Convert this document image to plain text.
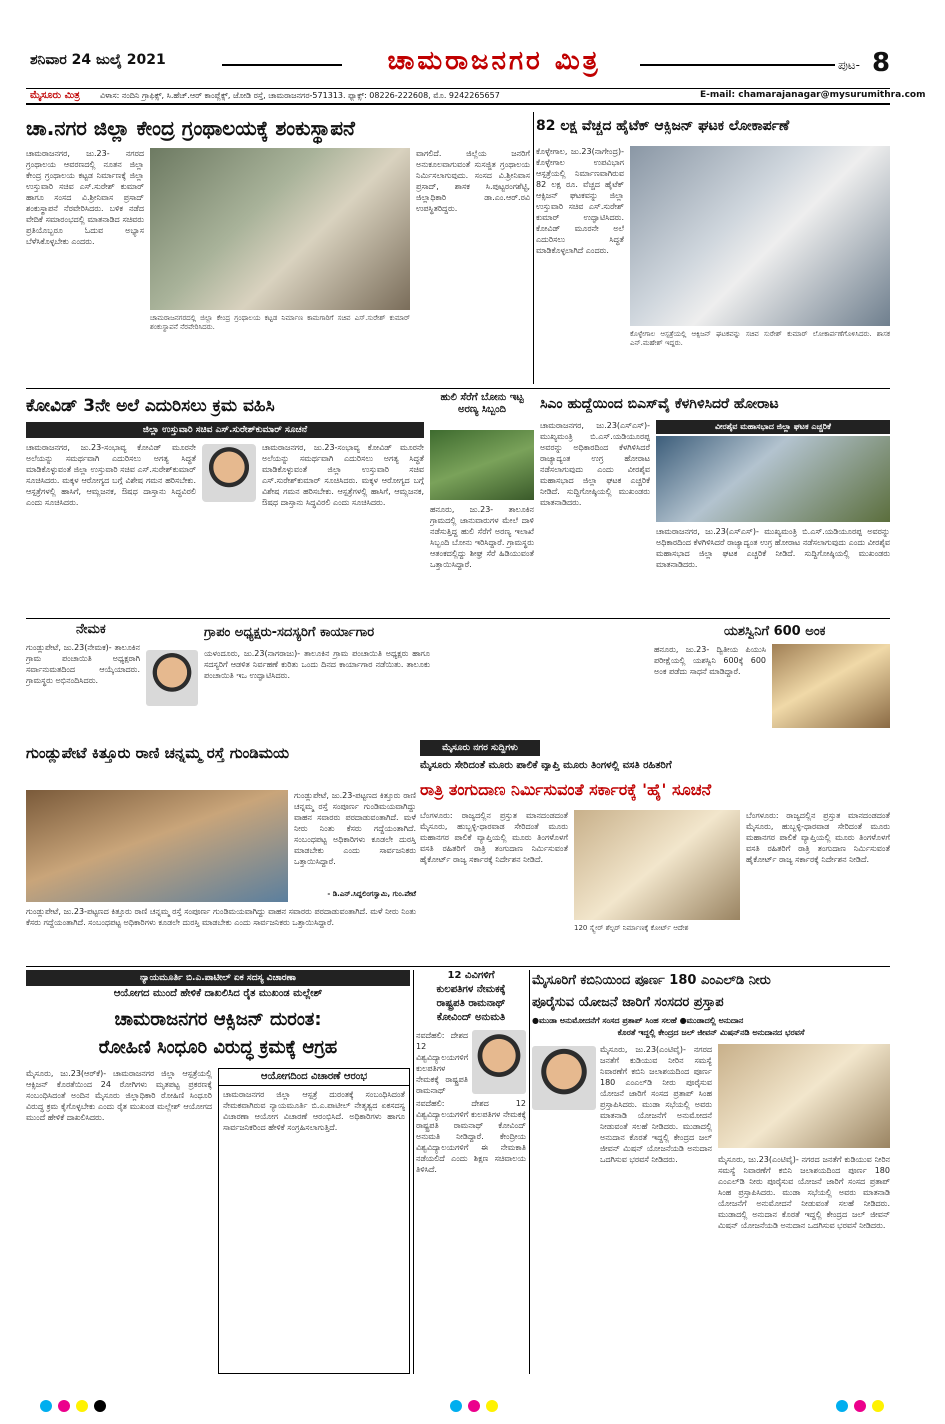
ಶನಿವಾರ 24 ಜುಲೈ 2021	ಚಾಮರಾಜನಗರ ಮಿತ್ರ	ಪುಟ- 8
ಮೈಸೂರು ಮಿತ್ರ	ವಿಳಾಸ: ನಂದಿನಿ ಗ್ರಾಫಿಕ್ಸ್, ಸಿ.ಹೆಚ್.ಆರ್ ಕಾಂಪ್ಲೆಕ್ಸ್, ಜೋಡಿ ರಸ್ತೆ, ಚಾಮರಾಜನಗರ-571313. ಫ್ಯಾಕ್ಸ್: 08226-222608, ಮೊ. 9242265657	E-mail: chamarajanagar@mysurumithra.com
ಚಾ.ನಗರ ಜಿಲ್ಲಾ ಕೇಂದ್ರ ಗ್ರಂಥಾಲಯಕ್ಕೆ ಶಂಕುಸ್ಥಾಪನೆ
ಚಾಮರಾಜನಗರ, ಜು.23- ನಗರದ ಗ್ರಂಥಾಲಯ ಆವರಣದಲ್ಲಿ ನೂತನ ಜಿಲ್ಲಾ ಕೇಂದ್ರ ಗ್ರಂಥಾಲಯ ಕಟ್ಟಡ ನಿರ್ಮಾಣಕ್ಕೆ ಜಿಲ್ಲಾ ಉಸ್ತುವಾರಿ ಸಚಿವ ಎಸ್.ಸುರೇಶ್ ಕುಮಾರ್ ಹಾಗೂ ಸಂಸದ ವಿ.ಶ್ರೀನಿವಾಸ ಪ್ರಸಾದ್ ಶಂಕುಸ್ಥಾಪನೆ ನೆರವೇರಿಸಿದರು. ಬಳಿಕ ನಡೆದ ವೇದಿಕೆ ಸಮಾರಂಭದಲ್ಲಿ ಮಾತನಾಡಿದ ಸಚಿವರು ಪ್ರತಿಯೊಬ್ಬರೂ ಓದುವ ಅಭ್ಯಾಸ ಬೆಳೆಸಿಕೊಳ್ಳಬೇಕು ಎಂದರು.
ಚಾಮರಾಜನಗರದಲ್ಲಿ ಜಿಲ್ಲಾ ಕೇಂದ್ರ ಗ್ರಂಥಾಲಯ ಕಟ್ಟಡ ನಿರ್ಮಾಣ ಕಾಮಗಾರಿಗೆ ಸಚಿವ ಎಸ್.ಸುರೇಶ್ ಕುಮಾರ್ ಶಂಕುಸ್ಥಾಪನೆ ನೆರವೇರಿಸಿದರು.
ವಾಗಲಿದೆ. ಜಿಲ್ಲೆಯ ಜನರಿಗೆ ಅನುಕೂಲವಾಗುವಂತೆ ಸುಸಜ್ಜಿತ ಗ್ರಂಥಾಲಯ ನಿರ್ಮಿಸಲಾಗುವುದು. ಸಂಸದ ವಿ.ಶ್ರೀನಿವಾಸ ಪ್ರಸಾದ್, ಶಾಸಕ ಸಿ.ಪುಟ್ಟರಂಗಶೆಟ್ಟಿ, ಜಿಲ್ಲಾಧಿಕಾರಿ ಡಾ.ಎಂ.ಆರ್.ರವಿ ಉಪಸ್ಥಿತರಿದ್ದರು.
82 ಲಕ್ಷ ವೆಚ್ಚದ ಹೈಟೆಕ್ ಆಕ್ಸಿಜನ್ ಘಟಕ ಲೋಕಾರ್ಪಣೆ
ಕೊಳ್ಳೇಗಾಲ, ಜು.23(ನಾಗೇಂದ್ರ)- ಕೊಳ್ಳೇಗಾಲ ಉಪವಿಭಾಗ ಆಸ್ಪತ್ರೆಯಲ್ಲಿ ನಿರ್ಮಾಣವಾಗಿರುವ 82 ಲಕ್ಷ ರೂ. ವೆಚ್ಚದ ಹೈಟೆಕ್ ಆಕ್ಸಿಜನ್ ಘಟಕವನ್ನು ಜಿಲ್ಲಾ ಉಸ್ತುವಾರಿ ಸಚಿವ ಎಸ್.ಸುರೇಶ್ ಕುಮಾರ್ ಉದ್ಘಾಟಿಸಿದರು. ಕೋವಿಡ್ ಮೂರನೇ ಅಲೆ ಎದುರಿಸಲು ಸಿದ್ಧತೆ ಮಾಡಿಕೊಳ್ಳಲಾಗಿದೆ ಎಂದರು.
ಕೊಳ್ಳೇಗಾಲ ಆಸ್ಪತ್ರೆಯಲ್ಲಿ ಆಕ್ಸಿಜನ್ ಘಟಕವನ್ನು ಸಚಿವ ಸುರೇಶ್ ಕುಮಾರ್ ಲೋಕಾರ್ಪಣೆಗೊಳಿಸಿದರು. ಶಾಸಕ ಎನ್.ಮಹೇಶ್ ಇದ್ದರು.
ಕೋವಿಡ್ 3ನೇ ಅಲೆ ಎದುರಿಸಲು ಕ್ರಮ ವಹಿಸಿ
ಜಿಲ್ಲಾ ಉಸ್ತುವಾರಿ ಸಚಿವ ಎಸ್.ಸುರೇಶ್‌ಕುಮಾರ್ ಸೂಚನೆ
ಚಾಮರಾಜನಗರ, ಜು.23-ಸಂಭಾವ್ಯ ಕೋವಿಡ್ ಮೂರನೇ ಅಲೆಯನ್ನು ಸಮರ್ಥವಾಗಿ ಎದುರಿಸಲು ಅಗತ್ಯ ಸಿದ್ಧತೆ ಮಾಡಿಕೊಳ್ಳುವಂತೆ ಜಿಲ್ಲಾ ಉಸ್ತುವಾರಿ ಸಚಿವ ಎಸ್.ಸುರೇಶ್‌ಕುಮಾರ್ ಸೂಚಿಸಿದರು. ಮಕ್ಕಳ ಆರೋಗ್ಯದ ಬಗ್ಗೆ ವಿಶೇಷ ಗಮನ ಹರಿಸಬೇಕು. ಆಸ್ಪತ್ರೆಗಳಲ್ಲಿ ಹಾಸಿಗೆ, ಆಮ್ಲಜನಕ, ಔಷಧ ದಾಸ್ತಾನು ಸಿದ್ಧವಿರಲಿ ಎಂದು ಸೂಚಿಸಿದರು.
ಚಾಮರಾಜನಗರ, ಜು.23-ಸಂಭಾವ್ಯ ಕೋವಿಡ್ ಮೂರನೇ ಅಲೆಯನ್ನು ಸಮರ್ಥವಾಗಿ ಎದುರಿಸಲು ಅಗತ್ಯ ಸಿದ್ಧತೆ ಮಾಡಿಕೊಳ್ಳುವಂತೆ ಜಿಲ್ಲಾ ಉಸ್ತುವಾರಿ ಸಚಿವ ಎಸ್.ಸುರೇಶ್‌ಕುಮಾರ್ ಸೂಚಿಸಿದರು. ಮಕ್ಕಳ ಆರೋಗ್ಯದ ಬಗ್ಗೆ ವಿಶೇಷ ಗಮನ ಹರಿಸಬೇಕು. ಆಸ್ಪತ್ರೆಗಳಲ್ಲಿ ಹಾಸಿಗೆ, ಆಮ್ಲಜನಕ, ಔಷಧ ದಾಸ್ತಾನು ಸಿದ್ಧವಿರಲಿ ಎಂದು ಸೂಚಿಸಿದರು.
ಹುಲಿ ಸೆರೆಗೆ ಬೋನು ಇಟ್ಟ ಅರಣ್ಯ ಸಿಬ್ಬಂದಿ
ಹನೂರು, ಜು.23- ತಾಲೂಕಿನ ಗ್ರಾಮದಲ್ಲಿ ಜಾನುವಾರುಗಳ ಮೇಲೆ ದಾಳಿ ನಡೆಸುತ್ತಿದ್ದ ಹುಲಿ ಸೆರೆಗೆ ಅರಣ್ಯ ಇಲಾಖೆ ಸಿಬ್ಬಂದಿ ಬೋನು ಇರಿಸಿದ್ದಾರೆ. ಗ್ರಾಮಸ್ಥರು ಆತಂಕದಲ್ಲಿದ್ದು ಶೀಘ್ರ ಸೆರೆ ಹಿಡಿಯುವಂತೆ ಒತ್ತಾಯಿಸಿದ್ದಾರೆ.
ಸಿಎಂ ಹುದ್ದೆಯಿಂದ ಬಿಎಸ್‌ವೈ ಕೆಳಗಿಳಿಸಿದರೆ ಹೋರಾಟ
ಚಾಮರಾಜನಗರ, ಜು.23(ಎಸ್‌ಎಸ್)- ಮುಖ್ಯಮಂತ್ರಿ ಬಿ.ಎಸ್.ಯಡಿಯೂರಪ್ಪ ಅವರನ್ನು ಅಧಿಕಾರದಿಂದ ಕೆಳಗಿಳಿಸಿದರೆ ರಾಜ್ಯಾದ್ಯಂತ ಉಗ್ರ ಹೋರಾಟ ನಡೆಸಲಾಗುವುದು ಎಂದು ವೀರಶೈವ ಮಹಾಸಭಾದ ಜಿಲ್ಲಾ ಘಟಕ ಎಚ್ಚರಿಕೆ ನೀಡಿದೆ. ಸುದ್ದಿಗೋಷ್ಠಿಯಲ್ಲಿ ಮುಖಂಡರು ಮಾತನಾಡಿದರು.
ವೀರಶೈವ ಮಹಾಸಭಾದ ಜಿಲ್ಲಾ ಘಟಕ ಎಚ್ಚರಿಕೆ
ಚಾಮರಾಜನಗರ, ಜು.23(ಎಸ್‌ಎಸ್)- ಮುಖ್ಯಮಂತ್ರಿ ಬಿ.ಎಸ್.ಯಡಿಯೂರಪ್ಪ ಅವರನ್ನು ಅಧಿಕಾರದಿಂದ ಕೆಳಗಿಳಿಸಿದರೆ ರಾಜ್ಯಾದ್ಯಂತ ಉಗ್ರ ಹೋರಾಟ ನಡೆಸಲಾಗುವುದು ಎಂದು ವೀರಶೈವ ಮಹಾಸಭಾದ ಜಿಲ್ಲಾ ಘಟಕ ಎಚ್ಚರಿಕೆ ನೀಡಿದೆ. ಸುದ್ದಿಗೋಷ್ಠಿಯಲ್ಲಿ ಮುಖಂಡರು ಮಾತನಾಡಿದರು.
ನೇಮಕ
ಗುಂಡ್ಲುಪೇಟೆ, ಜು.23(ನೇಮಕ)- ತಾಲೂಕಿನ ಗ್ರಾಮ ಪಂಚಾಯಿತಿ ಅಧ್ಯಕ್ಷರಾಗಿ ಸರ್ವಾನುಮತದಿಂದ ಆಯ್ಕೆಯಾದರು. ಗ್ರಾಮಸ್ಥರು ಅಭಿನಂದಿಸಿದರು.
ಗ್ರಾಪಂ ಅಧ್ಯಕ್ಷರು-ಸದಸ್ಯರಿಗೆ ಕಾರ್ಯಾಗಾರ
ಯಳಂದೂರು, ಜು.23(ನಾಗರಾಜು)- ತಾಲೂಕಿನ ಗ್ರಾಮ ಪಂಚಾಯಿತಿ ಅಧ್ಯಕ್ಷರು ಹಾಗೂ ಸದಸ್ಯರಿಗೆ ಆಡಳಿತ ನಿರ್ವಹಣೆ ಕುರಿತು ಒಂದು ದಿನದ ಕಾರ್ಯಾಗಾರ ನಡೆಯಿತು. ತಾಲೂಕು ಪಂಚಾಯಿತಿ ಇಒ ಉದ್ಘಾಟಿಸಿದರು.
ಯಶಸ್ವಿನಿಗೆ 600 ಅಂಕ
ಹನೂರು, ಜು.23- ದ್ವಿತೀಯ ಪಿಯುಸಿ ಪರೀಕ್ಷೆಯಲ್ಲಿ ಯಶಸ್ವಿನಿ 600ಕ್ಕೆ 600 ಅಂಕ ಪಡೆದು ಸಾಧನೆ ಮಾಡಿದ್ದಾರೆ.
ಗುಂಡ್ಲುಪೇಟೆ ಕಿತ್ತೂರು ರಾಣಿ ಚನ್ನಮ್ಮ ರಸ್ತೆ ಗುಂಡಿಮಯ
ಗುಂಡ್ಲುಪೇಟೆ, ಜು.23-ಪಟ್ಟಣದ ಕಿತ್ತೂರು ರಾಣಿ ಚನ್ನಮ್ಮ ರಸ್ತೆ ಸಂಪೂರ್ಣ ಗುಂಡಿಮಯವಾಗಿದ್ದು ವಾಹನ ಸವಾರರು ಪರದಾಡುವಂತಾಗಿದೆ. ಮಳೆ ನೀರು ನಿಂತು ಕೆಸರು ಗದ್ದೆಯಂತಾಗಿದೆ. ಸಂಬಂಧಪಟ್ಟ ಅಧಿಕಾರಿಗಳು ಕೂಡಲೇ ದುರಸ್ತಿ ಮಾಡಬೇಕು ಎಂದು ಸಾರ್ವಜನಿಕರು ಒತ್ತಾಯಿಸಿದ್ದಾರೆ.
- ಡಿ.ಎನ್.ಸಿದ್ದಲಿಂಗಸ್ವಾಮಿ, ಗುಂ.ಪೇಟೆ
ಗುಂಡ್ಲುಪೇಟೆ, ಜು.23-ಪಟ್ಟಣದ ಕಿತ್ತೂರು ರಾಣಿ ಚನ್ನಮ್ಮ ರಸ್ತೆ ಸಂಪೂರ್ಣ ಗುಂಡಿಮಯವಾಗಿದ್ದು ವಾಹನ ಸವಾರರು ಪರದಾಡುವಂತಾಗಿದೆ. ಮಳೆ ನೀರು ನಿಂತು ಕೆಸರು ಗದ್ದೆಯಂತಾಗಿದೆ. ಸಂಬಂಧಪಟ್ಟ ಅಧಿಕಾರಿಗಳು ಕೂಡಲೇ ದುರಸ್ತಿ ಮಾಡಬೇಕು ಎಂದು ಸಾರ್ವಜನಿಕರು ಒತ್ತಾಯಿಸಿದ್ದಾರೆ.
ಮೈಸೂರು ನಗರ ಸುದ್ದಿಗಳು
ಮೈಸೂರು ಸೇರಿದಂತೆ ಮೂರು ಪಾಲಿಕೆ ವ್ಯಾಪ್ತಿ ಮೂರು ತಿಂಗಳಲ್ಲಿ ವಸತಿ ರಹಿತರಿಗೆ
ರಾತ್ರಿ ತಂಗುದಾಣ ನಿರ್ಮಿಸುವಂತೆ ಸರ್ಕಾರಕ್ಕೆ 'ಹೈ' ಸೂಚನೆ
ಬೆಂಗಳೂರು: ರಾಜ್ಯದಲ್ಲಿನ ಪ್ರಸ್ತುತ ಮಾನದಂಡದಂತೆ ಮೈಸೂರು, ಹುಬ್ಬಳ್ಳಿ-ಧಾರವಾಡ ಸೇರಿದಂತೆ ಮೂರು ಮಹಾನಗರ ಪಾಲಿಕೆ ವ್ಯಾಪ್ತಿಯಲ್ಲಿ ಮೂರು ತಿಂಗಳೊಳಗೆ ವಸತಿ ರಹಿತರಿಗೆ ರಾತ್ರಿ ತಂಗುದಾಣ ನಿರ್ಮಿಸುವಂತೆ ಹೈಕೋರ್ಟ್ ರಾಜ್ಯ ಸರ್ಕಾರಕ್ಕೆ ನಿರ್ದೇಶನ ನೀಡಿದೆ.
120 ಸ್ಕ್ವೇರ್ ಶೆಲ್ಟರ್ ನಿರ್ಮಾಣಕ್ಕೆ ಕೋರ್ಟ್ ಆದೇಶ
ಬೆಂಗಳೂರು: ರಾಜ್ಯದಲ್ಲಿನ ಪ್ರಸ್ತುತ ಮಾನದಂಡದಂತೆ ಮೈಸೂರು, ಹುಬ್ಬಳ್ಳಿ-ಧಾರವಾಡ ಸೇರಿದಂತೆ ಮೂರು ಮಹಾನಗರ ಪಾಲಿಕೆ ವ್ಯಾಪ್ತಿಯಲ್ಲಿ ಮೂರು ತಿಂಗಳೊಳಗೆ ವಸತಿ ರಹಿತರಿಗೆ ರಾತ್ರಿ ತಂಗುದಾಣ ನಿರ್ಮಿಸುವಂತೆ ಹೈಕೋರ್ಟ್ ರಾಜ್ಯ ಸರ್ಕಾರಕ್ಕೆ ನಿರ್ದೇಶನ ನೀಡಿದೆ.
ನ್ಯಾಯಮೂರ್ತಿ ಬಿ.ಎ.ಪಾಟೀಲ್ ಏಕ ಸದಸ್ಯ ವಿಚಾರಣಾ
ಆಯೋಗದ ಮುಂದೆ ಹೇಳಿಕೆ ದಾಖಲಿಸಿದ ರೈತ ಮುಖಂಡ ಮಲ್ಲೇಶ್
ಚಾಮರಾಜನಗರ ಆಕ್ಸಿಜನ್ ದುರಂತ:
ರೋಹಿಣಿ ಸಿಂಧೂರಿ ವಿರುದ್ಧ ಕ್ರಮಕ್ಕೆ ಆಗ್ರಹ
ಮೈಸೂರು, ಜು.23(ಆರ್‌ಕೆ)- ಚಾಮರಾಜನಗರ ಜಿಲ್ಲಾ ಆಸ್ಪತ್ರೆಯಲ್ಲಿ ಆಕ್ಸಿಜನ್ ಕೊರತೆಯಿಂದ 24 ರೋಗಿಗಳು ಮೃತಪಟ್ಟ ಪ್ರಕರಣಕ್ಕೆ ಸಂಬಂಧಿಸಿದಂತೆ ಅಂದಿನ ಮೈಸೂರು ಜಿಲ್ಲಾಧಿಕಾರಿ ರೋಹಿಣಿ ಸಿಂಧೂರಿ ವಿರುದ್ಧ ಕ್ರಮ ಕೈಗೊಳ್ಳಬೇಕು ಎಂದು ರೈತ ಮುಖಂಡ ಮಲ್ಲೇಶ್ ಆಯೋಗದ ಮುಂದೆ ಹೇಳಿಕೆ ದಾಖಲಿಸಿದರು.
ಆಯೋಗದಿಂದ ವಿಚಾರಣೆ ಆರಂಭ
ಚಾಮರಾಜನಗರ ಜಿಲ್ಲಾ ಆಸ್ಪತ್ರೆ ದುರಂತಕ್ಕೆ ಸಂಬಂಧಿಸಿದಂತೆ ನೇಮಕವಾಗಿರುವ ನ್ಯಾಯಮೂರ್ತಿ ಬಿ.ಎ.ಪಾಟೀಲ್ ನೇತೃತ್ವದ ಏಕಸದಸ್ಯ ವಿಚಾರಣಾ ಆಯೋಗ ವಿಚಾರಣೆ ಆರಂಭಿಸಿದೆ. ಅಧಿಕಾರಿಗಳು ಹಾಗೂ ಸಾರ್ವಜನಿಕರಿಂದ ಹೇಳಿಕೆ ಸಂಗ್ರಹಿಸಲಾಗುತ್ತಿದೆ.
12 ವಿವಿಗಳಿಗೆ
ಕುಲಪತಿಗಳ ನೇಮಕಕ್ಕೆ
ರಾಷ್ಟ್ರಪತಿ ರಾಮನಾಥ್
ಕೋವಿಂದ್ ಅನುಮತಿ
ನವದೆಹಲಿ: ದೇಶದ 12 ವಿಶ್ವವಿದ್ಯಾಲಯಗಳಿಗೆ ಕುಲಪತಿಗಳ ನೇಮಕಕ್ಕೆ ರಾಷ್ಟ್ರಪತಿ ರಾಮನಾಥ್
ನವದೆಹಲಿ: ದೇಶದ 12 ವಿಶ್ವವಿದ್ಯಾಲಯಗಳಿಗೆ ಕುಲಪತಿಗಳ ನೇಮಕಕ್ಕೆ ರಾಷ್ಟ್ರಪತಿ ರಾಮನಾಥ್ ಕೋವಿಂದ್ ಅನುಮತಿ ನೀಡಿದ್ದಾರೆ. ಕೇಂದ್ರೀಯ ವಿಶ್ವವಿದ್ಯಾಲಯಗಳಿಗೆ ಈ ನೇಮಕಾತಿ ನಡೆಯಲಿದೆ ಎಂದು ಶಿಕ್ಷಣ ಸಚಿವಾಲಯ ತಿಳಿಸಿದೆ.
ಮೈಸೂರಿಗೆ ಕಬಿನಿಯಿಂದ ಪೂರ್ಣ 180 ಎಂಎಲ್‌ಡಿ ನೀರು
ಪೂರೈಸುವ ಯೋಜನೆ ಜಾರಿಗೆ ಸಂಸದರ ಪ್ರಸ್ತಾಪ
●ಮುಡಾ ಅನುಮೋದನೆಗೆ ಸಂಸದ ಪ್ರತಾಪ್ ಸಿಂಹ ಸಲಹೆ ●ಮುಡಾದಲ್ಲಿ ಅನುದಾನ
ಕೊರತೆ ಇದ್ದಲ್ಲಿ ಕೇಂದ್ರದ ಜಲ್ ಜೀವನ್ ಮಿಷನ್‌ನಡಿ ಅನುದಾನದ ಭರವಸೆ
ಮೈಸೂರು, ಜು.23(ಎಂಟಿವೈ)- ನಗರದ ಜನತೆಗೆ ಕುಡಿಯುವ ನೀರಿನ ಸಮಸ್ಯೆ ನಿವಾರಣೆಗೆ ಕಬಿನಿ ಜಲಾಶಯದಿಂದ ಪೂರ್ಣ 180 ಎಂಎಲ್‌ಡಿ ನೀರು ಪೂರೈಸುವ ಯೋಜನೆ ಜಾರಿಗೆ ಸಂಸದ ಪ್ರತಾಪ್ ಸಿಂಹ ಪ್ರಸ್ತಾಪಿಸಿದರು. ಮುಡಾ ಸಭೆಯಲ್ಲಿ ಅವರು ಮಾತನಾಡಿ ಯೋಜನೆಗೆ ಅನುಮೋದನೆ ನೀಡುವಂತೆ ಸಲಹೆ ನೀಡಿದರು. ಮುಡಾದಲ್ಲಿ ಅನುದಾನ ಕೊರತೆ ಇದ್ದಲ್ಲಿ ಕೇಂದ್ರದ ಜಲ್ ಜೀವನ್ ಮಿಷನ್ ಯೋಜನೆಯಡಿ ಅನುದಾನ ಒದಗಿಸುವ ಭರವಸೆ ನೀಡಿದರು.	ಮೈಸೂರು, ಜು.23(ಎಂಟಿವೈ)- ನಗರದ ಜನತೆಗೆ ಕುಡಿಯುವ ನೀರಿನ ಸಮಸ್ಯೆ ನಿವಾರಣೆಗೆ ಕಬಿನಿ ಜಲಾಶಯದಿಂದ ಪೂರ್ಣ 180 ಎಂಎಲ್‌ಡಿ ನೀರು ಪೂರೈಸುವ ಯೋಜನೆ ಜಾರಿಗೆ ಸಂಸದ ಪ್ರತಾಪ್ ಸಿಂಹ ಪ್ರಸ್ತಾಪಿಸಿದರು. ಮುಡಾ ಸಭೆಯಲ್ಲಿ ಅವರು ಮಾತನಾಡಿ ಯೋಜನೆಗೆ ಅನುಮೋದನೆ ನೀಡುವಂತೆ ಸಲಹೆ ನೀಡಿದರು. ಮುಡಾದಲ್ಲಿ ಅನುದಾನ ಕೊರತೆ ಇದ್ದಲ್ಲಿ ಕೇಂದ್ರದ ಜಲ್ ಜೀವನ್ ಮಿಷನ್ ಯೋಜನೆಯಡಿ ಅನುದಾನ ಒದಗಿಸುವ ಭರವಸೆ ನೀಡಿದರು.
